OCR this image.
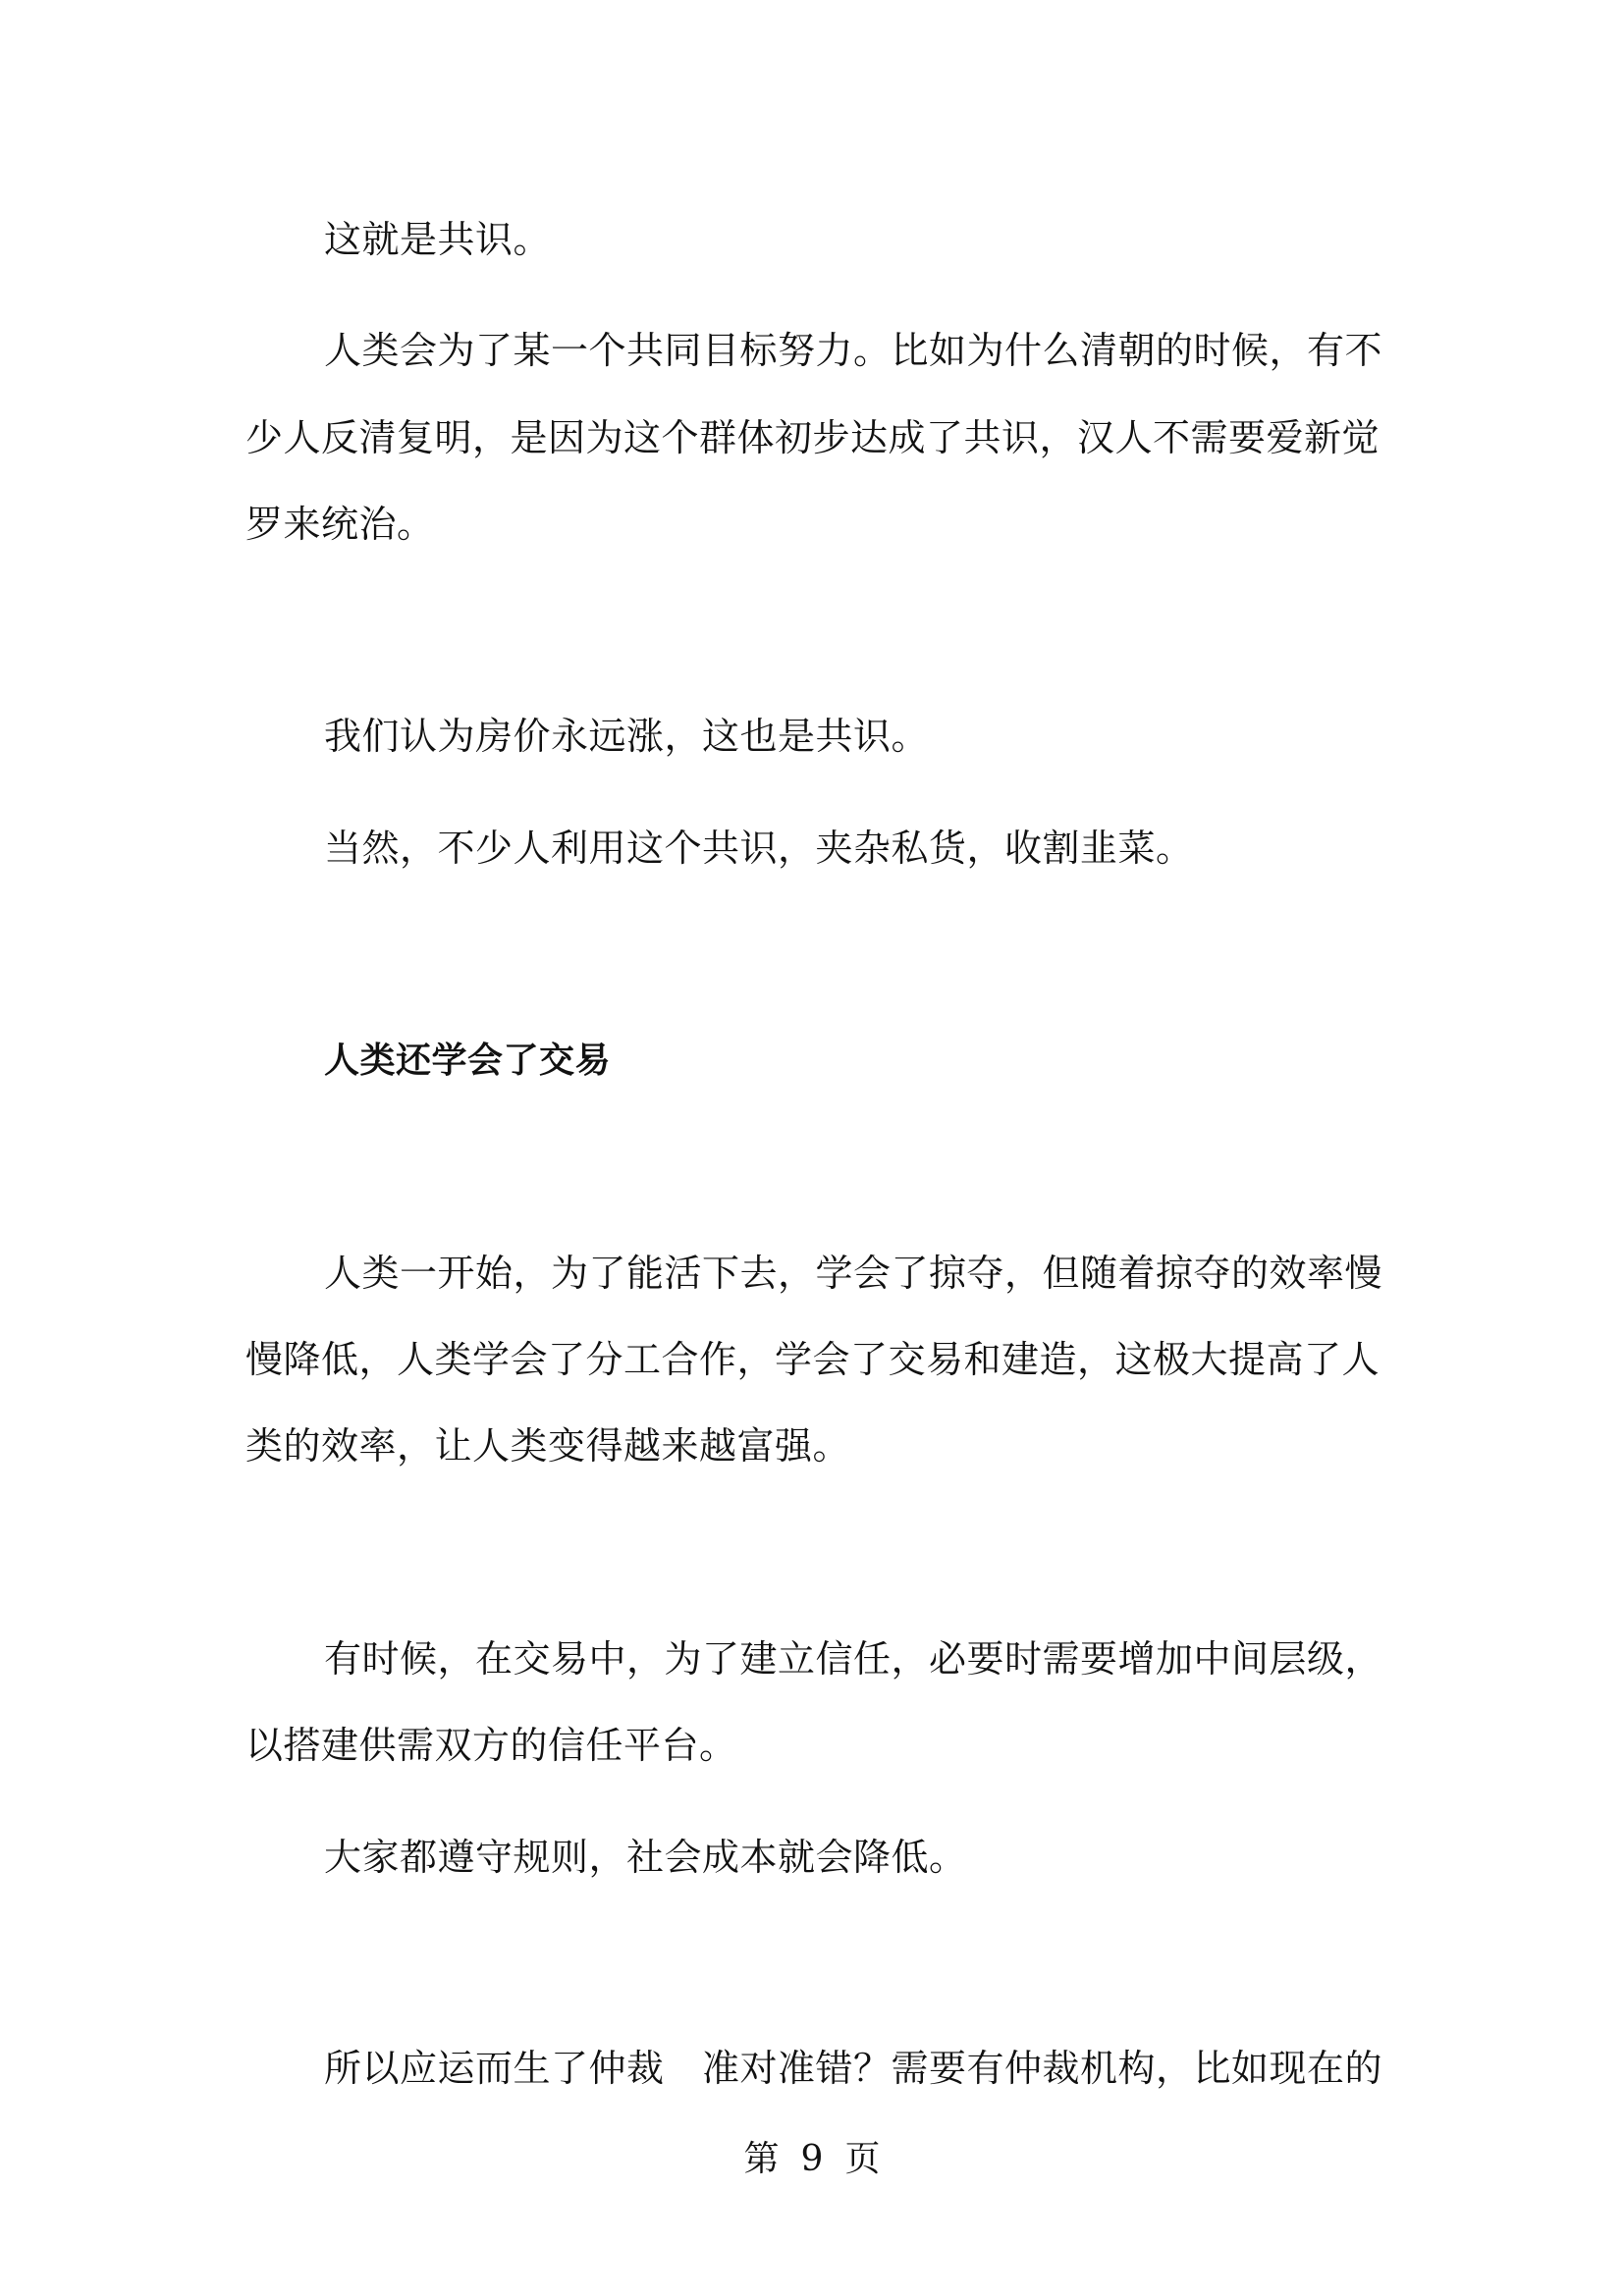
这就是共识。
人类会为了某一个共同目标努力。比如为什么清朝的时候，有不
少人反清复明，是因为这个群体初步达成了共识，汉人不需要爱新觉
罗来统治。
我们认为房价永远涨，这也是共识。
当然，不少人利用这个共识，夹杂私货，收割韭菜。
人类还学会了交易
人类一开始，为了能活下去，学会了掠夺，但随着掠夺的效率慢
慢降低，人类学会了分工合作，学会了交易和建造，这极大提高了人
类的效率，让人类变得越来越富强。
有时候，在交易中，为了建立信任，必要时需要增加中间层级，
以搭建供需双方的信任平台。
大家都遵守规则，社会成本就会降低。
所以应运而生了仲裁　准对准错？需要有仲裁机构，比如现在的
第 9 页
